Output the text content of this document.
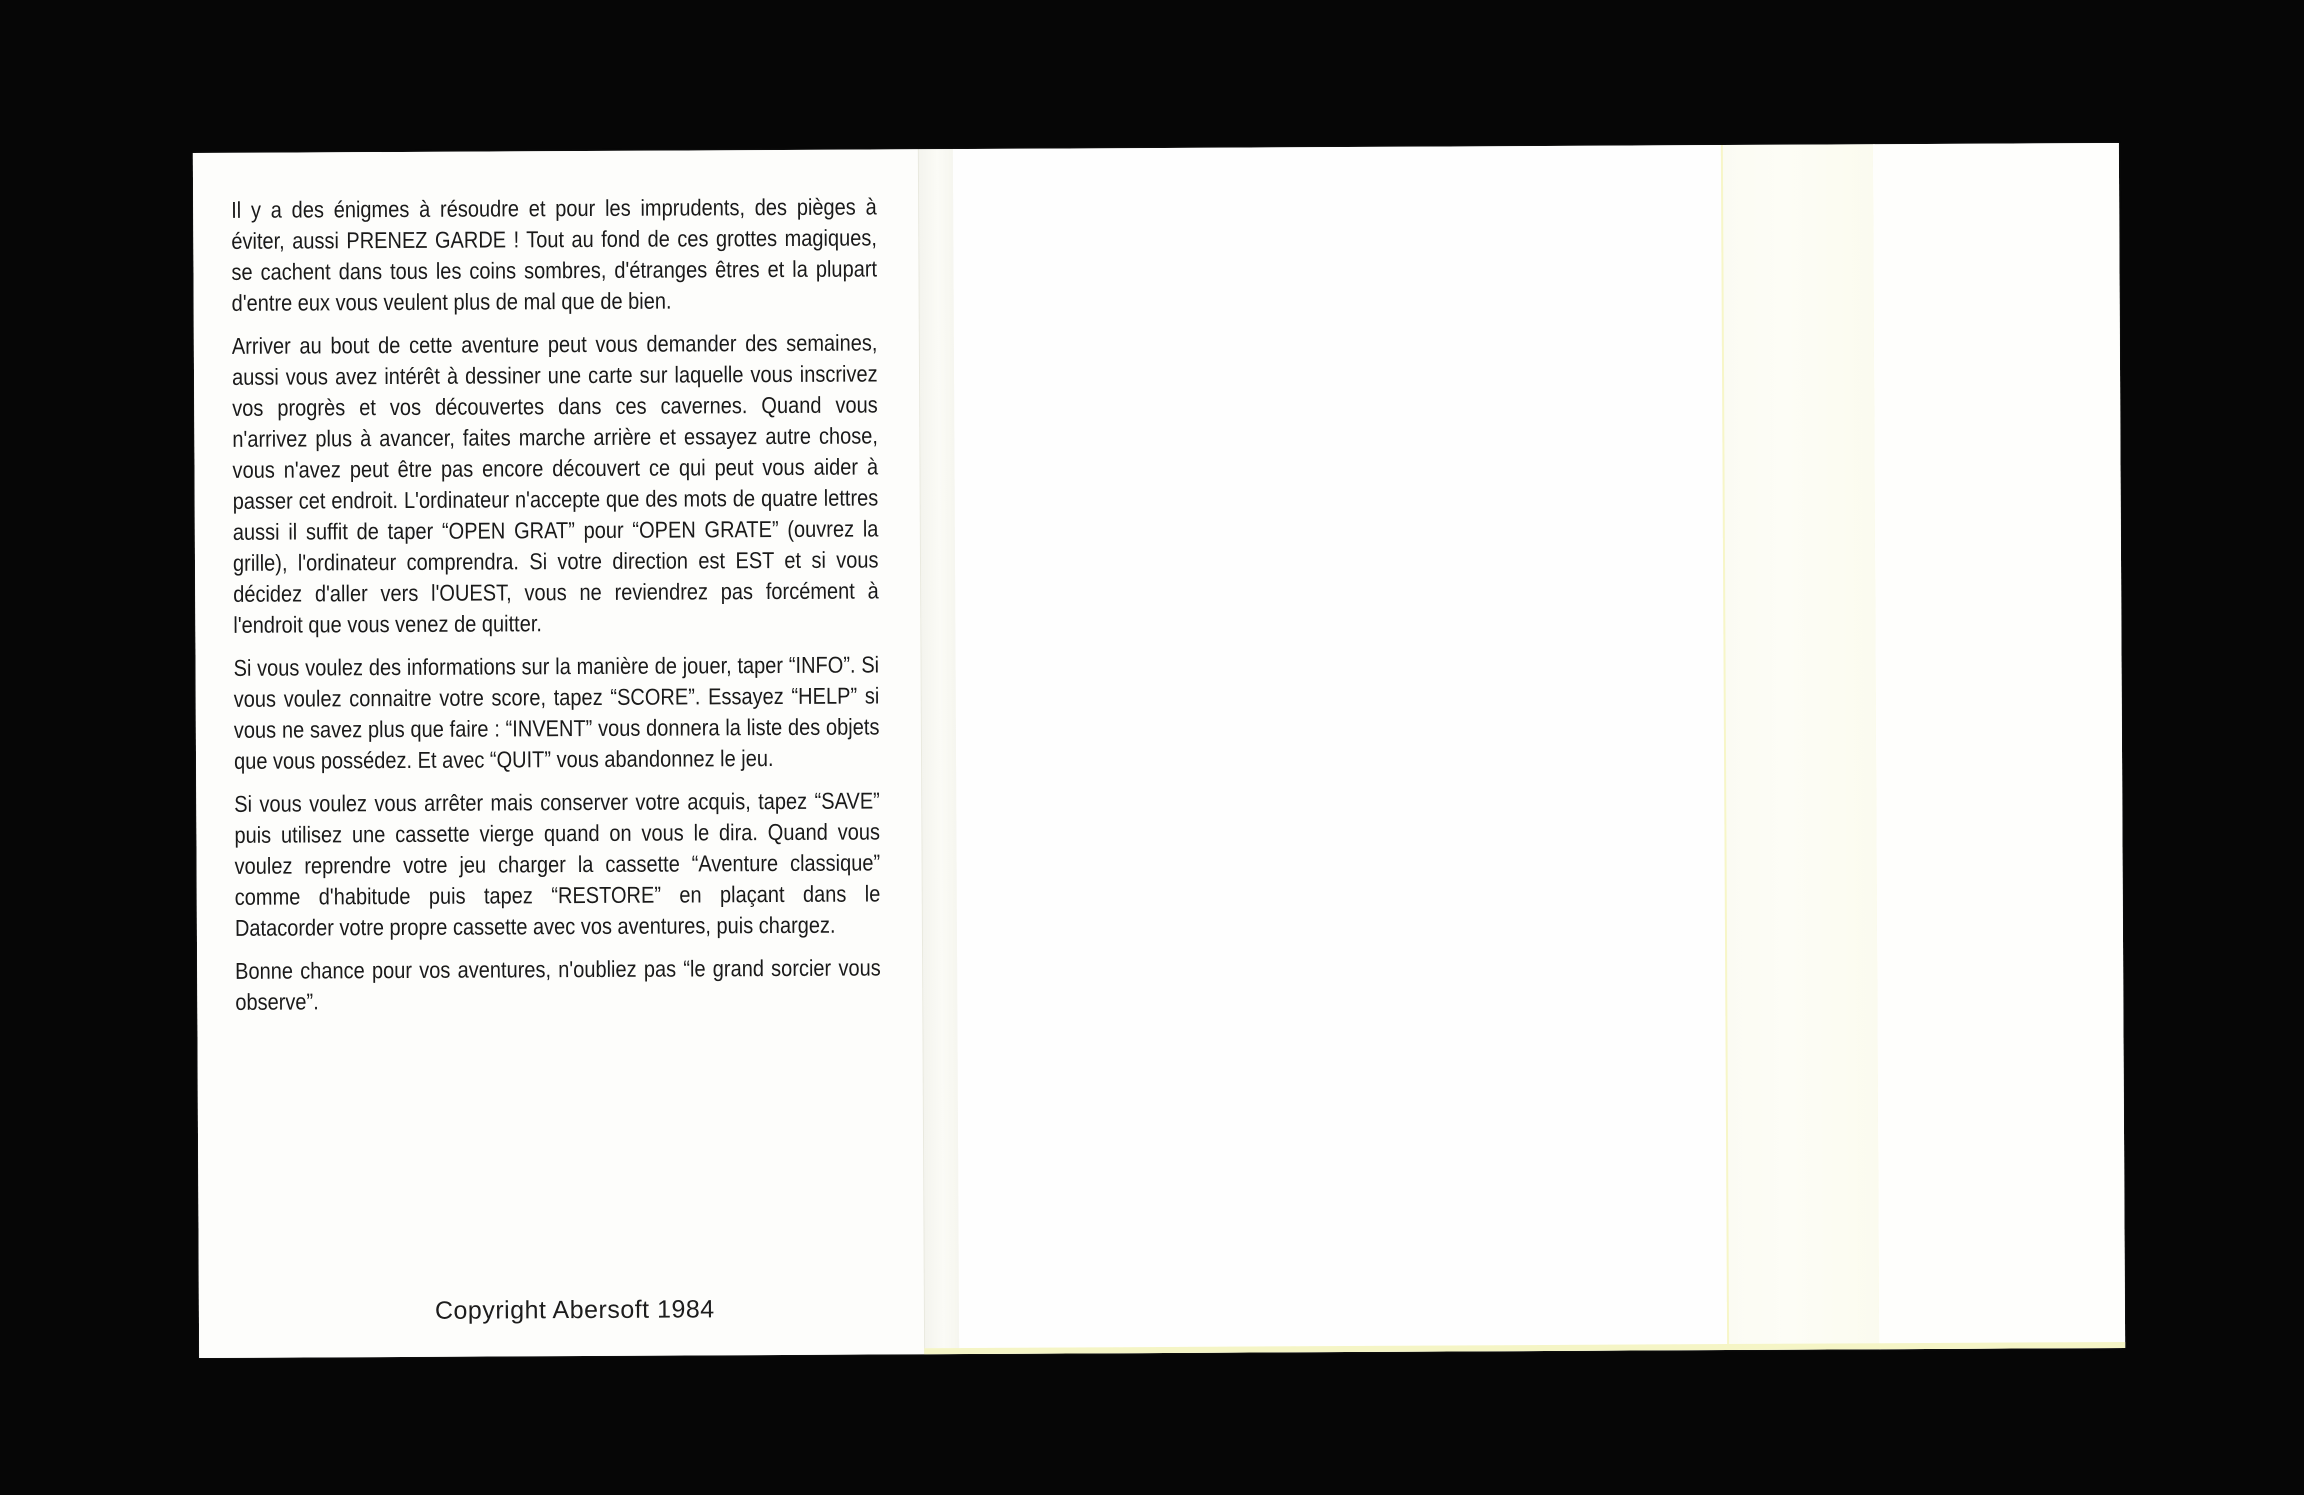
Il y a des énigmes à résoudre et pour les imprudents, des pièges à éviter, aussi PRENEZ GARDE ! Tout au fond de ces grottes magiques, se cachent dans tous les coins sombres, d'étranges êtres et la plupart d'entre eux vous veulent plus de mal que de bien.

Arriver au bout de cette aventure peut vous demander des semaines, aussi vous avez intérêt à dessiner une carte sur laquelle vous inscrivez vos progrès et vos découvertes dans ces cavernes. Quand vous n'arrivez plus à avancer, faites marche arrière et essayez autre chose, vous n'avez peut être pas encore découvert ce qui peut vous aider à passer cet endroit. L'ordinateur n'accepte que des mots de quatre lettres aussi il suffit de taper “OPEN GRAT” pour “OPEN GRATE” (ouvrez la grille), l'ordinateur comprendra. Si votre direction est EST et si vous décidez d'aller vers l'OUEST, vous ne reviendrez pas forcément à l'endroit que vous venez de quitter.

Si vous voulez des informations sur la manière de jouer, taper “INFO”. Si vous voulez connaitre votre score, tapez “SCORE”. Essayez “HELP” si vous ne savez plus que faire : “INVENT” vous donnera la liste des objets que vous possédez. Et avec “QUIT” vous abandonnez le jeu.

Si vous voulez vous arrêter mais conserver votre acquis, tapez “SAVE” puis utilisez une cassette vierge quand on vous le dira. Quand vous voulez reprendre votre jeu charger la cassette “Aventure classique” comme d'habitude puis tapez “RESTORE” en plaçant dans le Datacorder votre propre cassette avec vos aventures, puis chargez.

Bonne chance pour vos aventures, n'oubliez pas “le grand sorcier vous observe”.

Copyright Abersoft 1984
